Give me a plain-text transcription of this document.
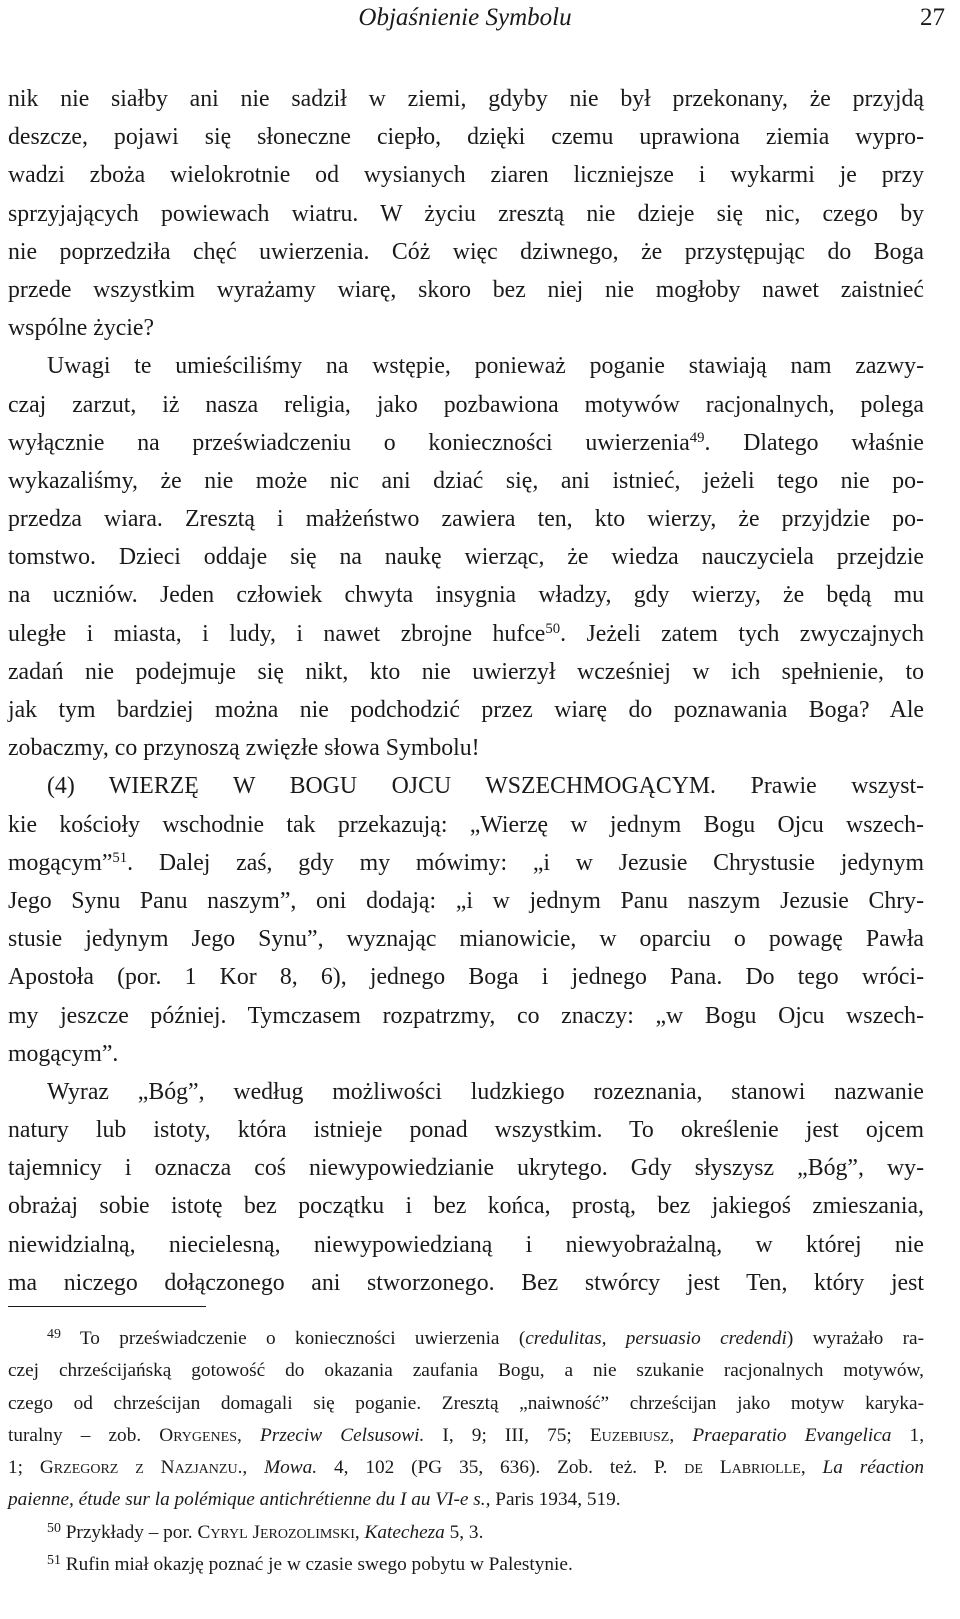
Objaśnienie Symbolu	27
nik nie siałby ani nie sadził w ziemi, gdyby nie był przekonany, że przyjdą
deszcze, pojawi się słoneczne ciepło, dzięki czemu uprawiona ziemia wypro-
wadzi zboża wielokrotnie od wysianych ziaren liczniejsze i wykarmi je przy
sprzyjających powiewach wiatru. W życiu zresztą nie dzieje się nic, czego by
nie poprzedziła chęć uwierzenia. Cóż więc dziwnego, że przystępując do Boga
przede wszystkim wyrażamy wiarę, skoro bez niej nie mogłoby nawet zaistnieć
wspólne życie?
Uwagi te umieściliśmy na wstępie, ponieważ poganie stawiają nam zazwy-
czaj zarzut, iż nasza religia, jako pozbawiona motywów racjonalnych, polega
wyłącznie na przeświadczeniu o konieczności uwierzenia$^{49}$. Dlatego właśnie
wykazaliśmy, że nie może nic ani dziać się, ani istnieć, jeżeli tego nie po-
przedza wiara. Zresztą i małżeństwo zawiera ten, kto wierzy, że przyjdzie po-
tomstwo. Dzieci oddaje się na naukę wierząc, że wiedza nauczyciela przejdzie
na uczniów. Jeden człowiek chwyta insygnia władzy, gdy wierzy, że będą mu
uległe i miasta, i ludy, i nawet zbrojne hufce$^{50}$. Jeżeli zatem tych zwyczajnych
zadań nie podejmuje się nikt, kto nie uwierzył wcześniej w ich spełnienie, to
jak tym bardziej można nie podchodzić przez wiarę do poznawania Boga? Ale
zobaczmy, co przynoszą zwięzłe słowa Symbolu!
(4) WIERZĘ W BOGU OJCU WSZECHMOGĄCYM. Prawie wszyst-
kie kościoły wschodnie tak przekazują: „Wierzę w jednym Bogu Ojcu wszech-
mogącym”$^{51}$. Dalej zaś, gdy my mówimy: „i w Jezusie Chrystusie jedynym
Jego Synu Panu naszym”, oni dodają: „i w jednym Panu naszym Jezusie Chry-
stusie jedynym Jego Synu”, wyznając mianowicie, w oparciu o powagę Pawła
Apostoła (por. 1 Kor 8, 6), jednego Boga i jednego Pana. Do tego wróci-
my jeszcze później. Tymczasem rozpatrzmy, co znaczy: „w Bogu Ojcu wszech-
mogącym”.
Wyraz „Bóg”, według możliwości ludzkiego rozeznania, stanowi nazwanie
natury lub istoty, która istnieje ponad wszystkim. To określenie jest ojcem
tajemnicy i oznacza coś niewypowiedzianie ukrytego. Gdy słyszysz „Bóg”, wy-
obrażaj sobie istotę bez początku i bez końca, prostą, bez jakiegoś zmieszania,
niewidzialną, niecielesną, niewypowiedzianą i niewyobrażalną, w której nie
ma niczego dołączonego ani stworzonego. Bez stwórcy jest Ten, który jest
$^{49}$ To przeświadczenie o konieczności uwierzenia (credulitas, persuasio credendi) wyrażało ra-
czej chrześcijańską gotowość do okazania zaufania Bogu, a nie szukanie racjonalnych motywów,
czego od chrześcijan domagali się poganie. Zresztą „naiwność” chrześcijan jako motyw karyka-
turalny – zob. Orygenes, Przeciw Celsusowi. I, 9; III, 75; Euzebiusz, Praeparatio Evangelica 1,
1; Grzegorz z Nazjanzu., Mowa. 4, 102 (PG 35, 636). Zob. też. P. de Labriolle, La réaction
paienne, étude sur la polémique antichrétienne du I au VI-e s., Paris 1934, 519.
$^{50}$ Przykłady – por. Cyryl Jerozolimski, Katecheza 5, 3.
$^{51}$ Rufin miał okazję poznać je w czasie swego pobytu w Palestynie.
